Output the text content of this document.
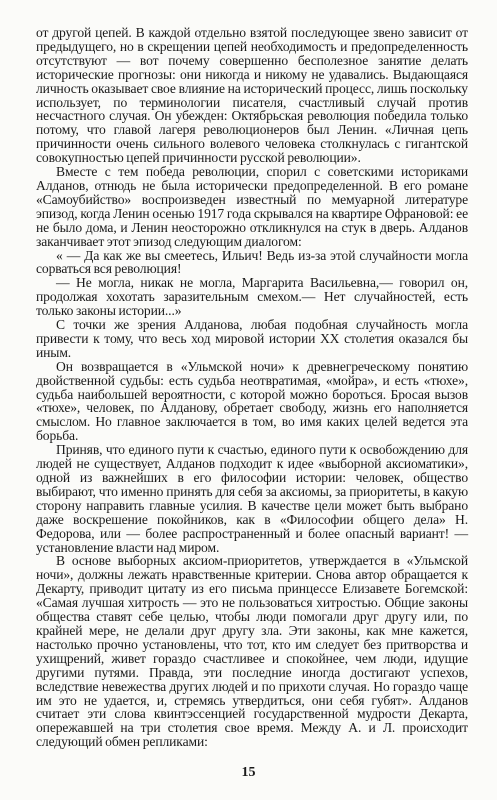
от другой цепей. В каждой отдельно взятой последующее звено зависит от предыдущего, но в скрещении цепей необходимость и предопределенность отсутствуют — вот почему совершенно бесполезное занятие делать исторические прогнозы: они никогда и никому не удавались. Выдающаяся личность оказывает свое влияние на исторический процесс, лишь поскольку использует, по терминологии писателя, счастливый случай против несчастного случая. Он убежден: Октябрьская революция победила только потому, что главой лагеря революционеров был Ленин. «Личная цепь причинности очень сильного волевого человека столкнулась с гигантской совокупностью цепей причинности русской революции».

Вместе с тем победа революции, спорил с советскими историками Алданов, отнюдь не была исторически предопределенной. В его романе «Самоубийство» воспроизведен известный по мемуарной литературе эпизод, когда Ленин осенью 1917 года скрывался на квартире Офрановой: ее не было дома, и Ленин неосторожно откликнулся на стук в дверь. Алданов заканчивает этот эпизод следующим диалогом:

« — Да как же вы смеетесь, Ильич! Ведь из-за этой случайности могла сорваться вся революция!

— Не могла, никак не могла, Маргарита Васильевна,— говорил он, продолжая хохотать заразительным смехом.— Нет случайностей, есть только законы истории...»

С точки же зрения Алданова, любая подобная случайность могла привести к тому, что весь ход мировой истории XX столетия оказался бы иным.

Он возвращается в «Ульмской ночи» к древнегреческому понятию двойственной судьбы: есть судьба неотвратимая, «мойра», и есть «тюхе», судьба наибольшей вероятности, с которой можно бороться. Бросая вызов «тюхе», человек, по Алданову, обретает свободу, жизнь его наполняется смыслом. Но главное заключается в том, во имя каких целей ведется эта борьба.

Приняв, что единого пути к счастью, единого пути к освобождению для людей не существует, Алданов подходит к идее «выборной аксиоматики», одной из важнейших в его философии истории: человек, общество выбирают, что именно принять для себя за аксиомы, за приоритеты, в какую сторону направить главные усилия. В качестве цели может быть выбрано даже воскрешение покойников, как в «Философии общего дела» Н. Федорова, или — более распространенный и более опасный вариант! — установление власти над миром.

В основе выборных аксиом-приоритетов, утверждается в «Ульмской ночи», должны лежать нравственные критерии. Снова автор обращается к Декарту, приводит цитату из его письма принцессе Елизавете Богемской: «Самая лучшая хитрость — это не пользоваться хитростью. Общие законы общества ставят себе целью, чтобы люди помогали друг другу или, по крайней мере, не делали друг другу зла. Эти законы, как мне кажется, настолько прочно установлены, что тот, кто им следует без притворства и ухищрений, живет гораздо счастливее и спокойнее, чем люди, идущие другими путями. Правда, эти последние иногда достигают успехов, вследствие невежества других людей и по прихоти случая. Но гораздо чаще им это не удается, и, стремясь утвердиться, они себя губят». Алданов считает эти слова квинтэссенцией государственной мудрости Декарта, опережавшей на три столетия свое время. Между А. и Л. происходит следующий обмен репликами:

15
